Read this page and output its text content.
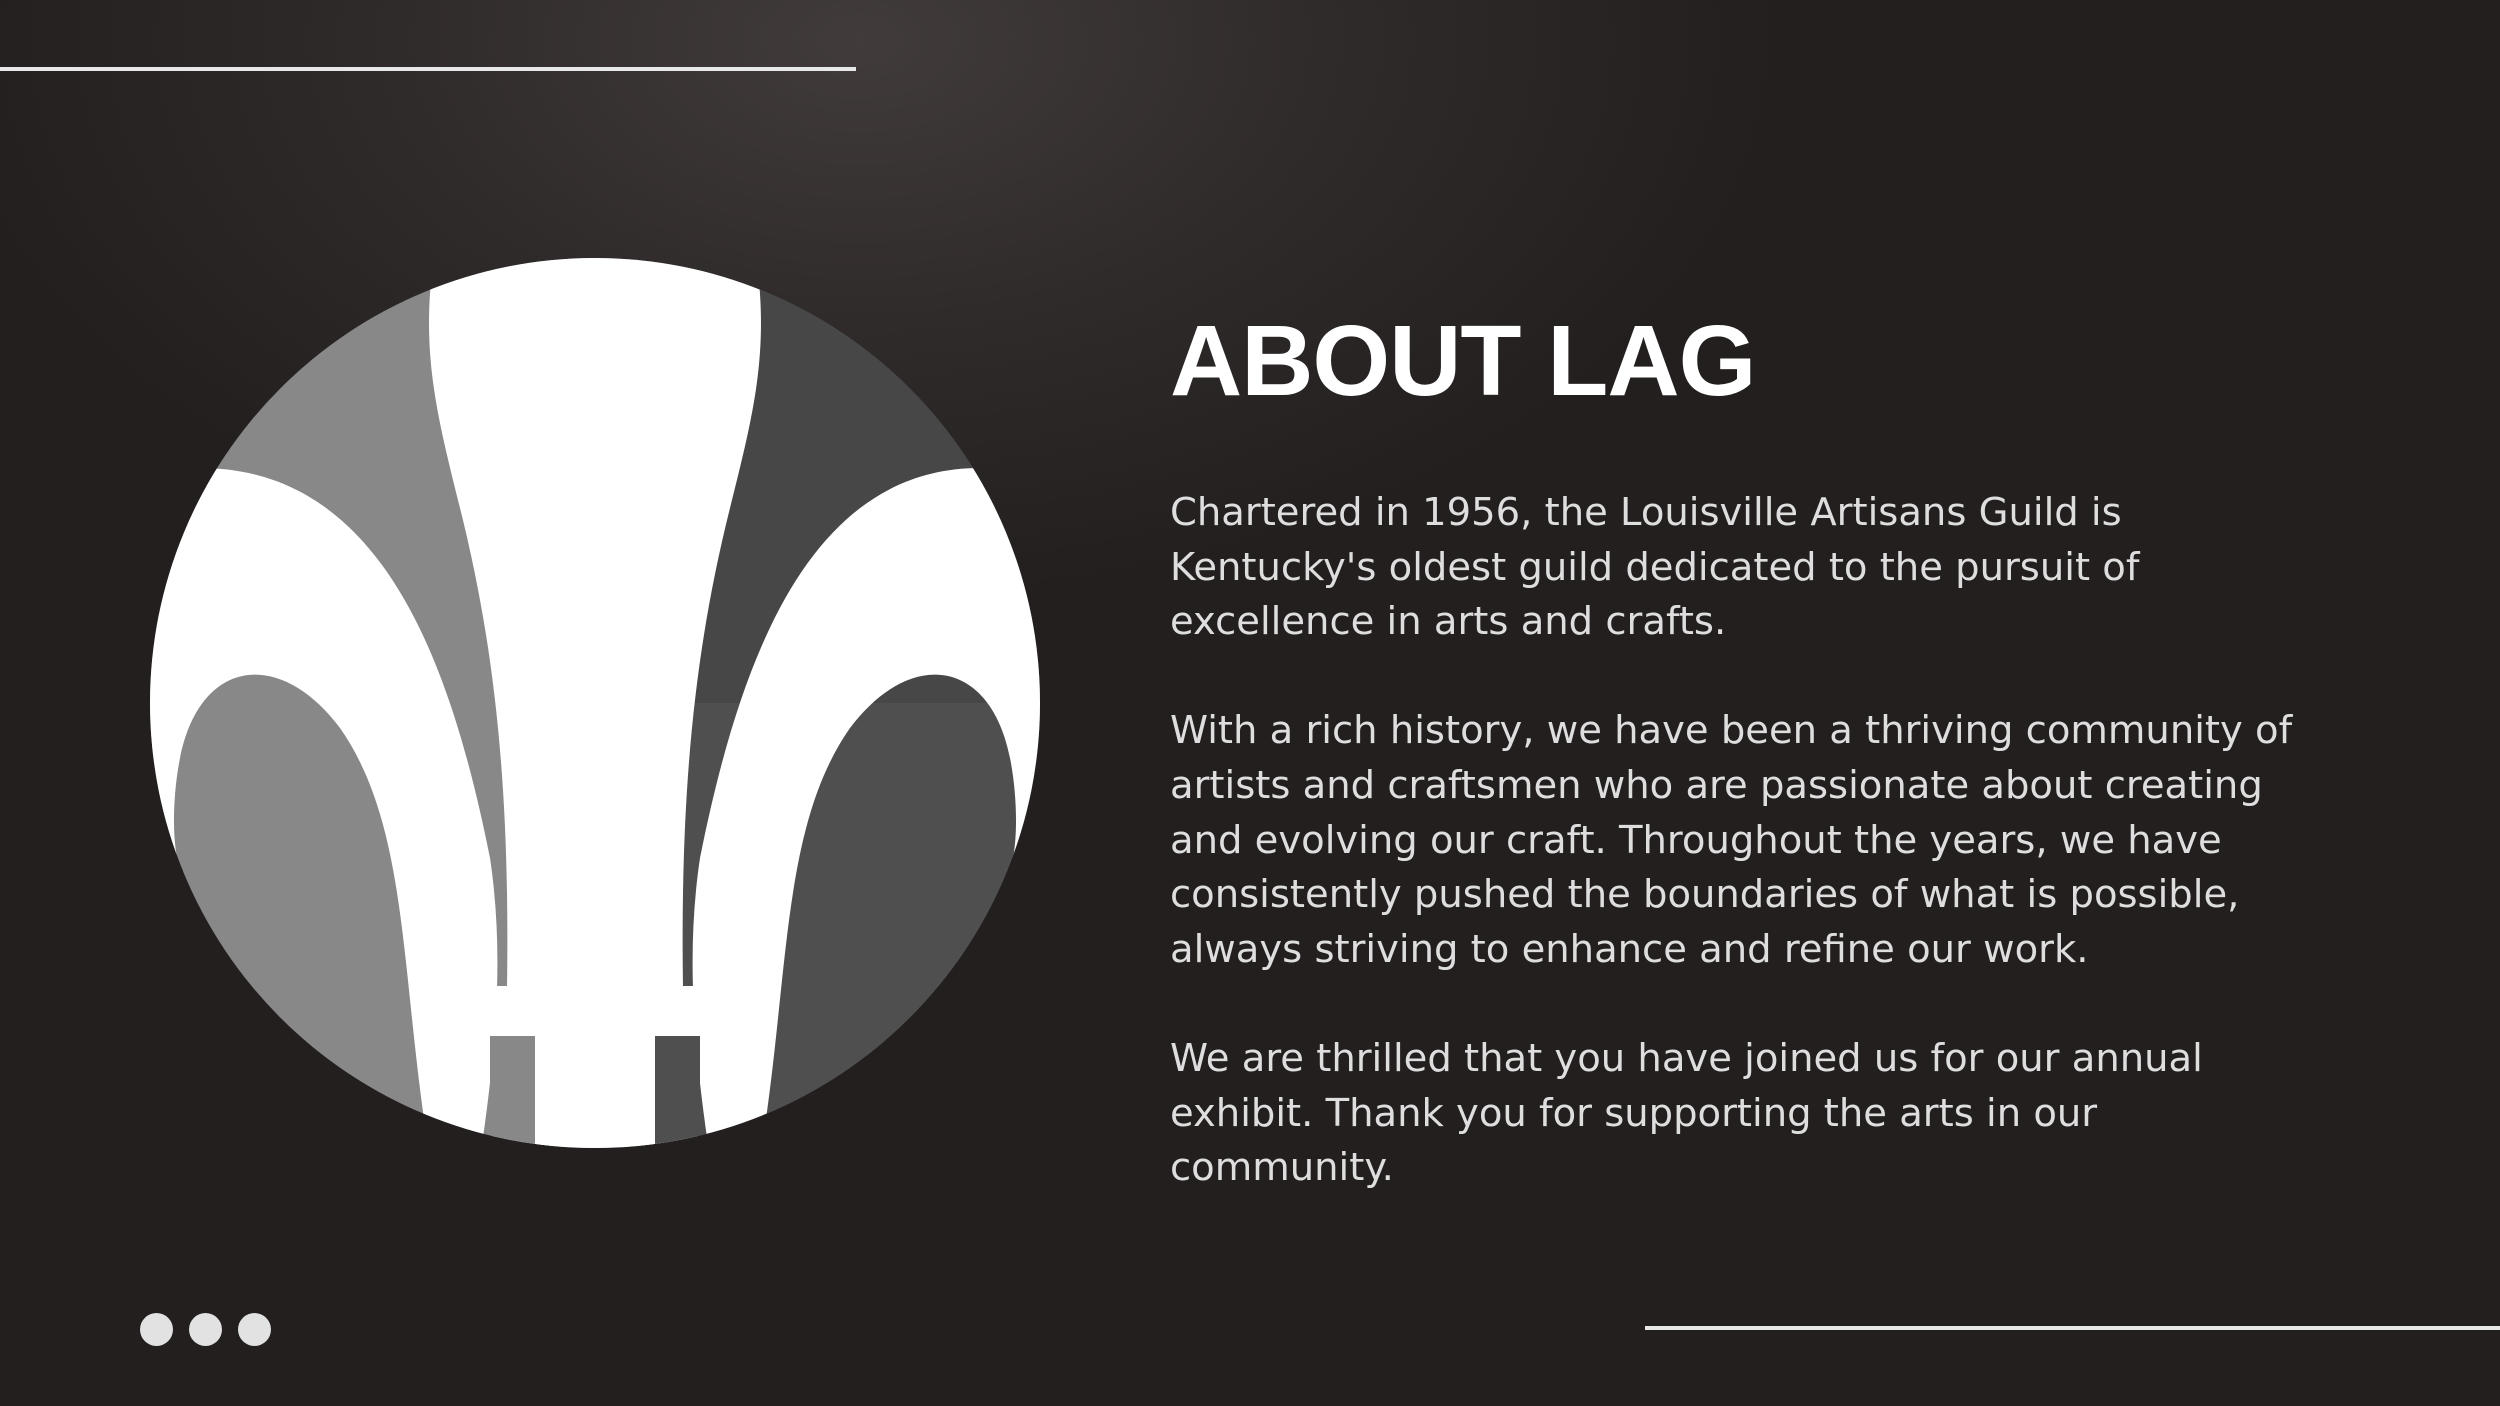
ABOUT LAG

Chartered in 1956, the Louisville Artisans Guild is
Kentucky's oldest guild dedicated to the pursuit of
excellence in arts and crafts.

With a rich history, we have been a thriving community of
artists and craftsmen who are passionate about creating
and evolving our craft. Throughout the years, we have
consistently pushed the boundaries of what is possible,
always striving to enhance and refine our work.

We are thrilled that you have joined us for our annual
exhibit. Thank you for supporting the arts in our
community.
